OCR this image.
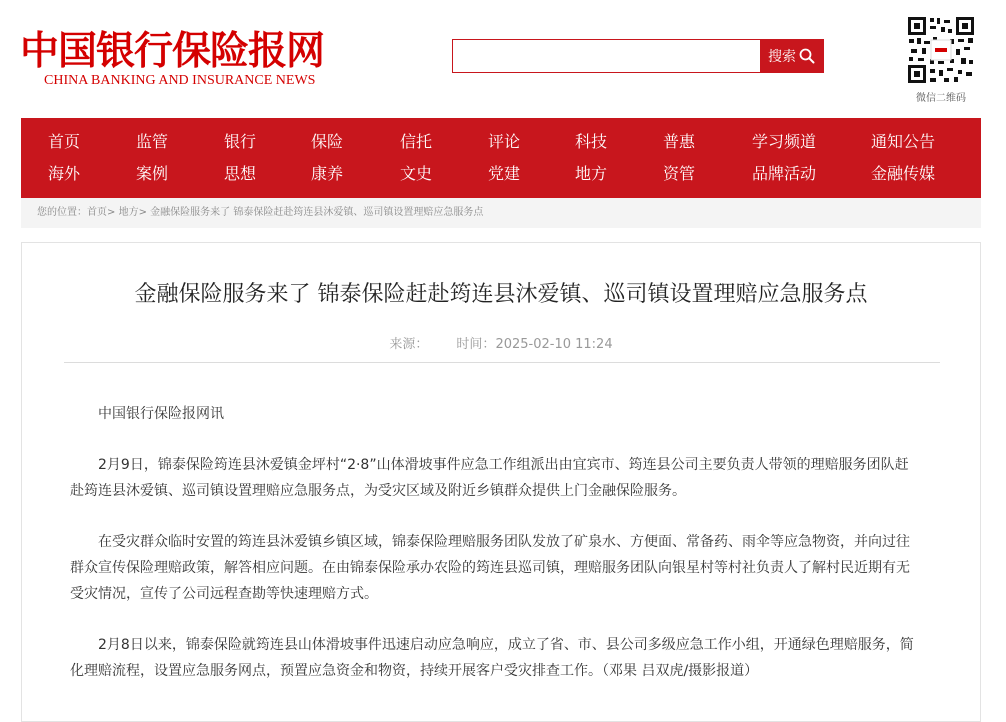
中国银行保险报网
CHINA BANKING AND INSURANCE NEWS
搜索
微信二维码
首页	监管	银行	保险	信托	评论	科技	普惠	学习频道	通知公告
海外	案例	思想	康养	文史	党建	地方	资管	品牌活动	金融传媒
您的位置：首页> 地方> 金融保险服务来了 锦泰保险赶赴筠连县沐爱镇、巡司镇设置理赔应急服务点
金融保险服务来了 锦泰保险赶赴筠连县沐爱镇、巡司镇设置理赔应急服务点
来源： 时间：2025-02-10 11:24

中国银行保险报网讯

2月9日，锦泰保险筠连县沐爱镇金坪村“2·8”山体滑坡事件应急工作组派出由宜宾市、筠连县公司主要负责人带领的理赔服务团队赶赴筠连县沐爱镇、巡司镇设置理赔应急服务点，为受灾区域及附近乡镇群众提供上门金融保险服务。

在受灾群众临时安置的筠连县沐爱镇乡镇区域，锦泰保险理赔服务团队发放了矿泉水、方便面、常备药、雨伞等应急物资，并向过往群众宣传保险理赔政策，解答相应问题。在由锦泰保险承办农险的筠连县巡司镇，理赔服务团队向银星村等村社负责人了解村民近期有无受灾情况，宣传了公司远程查勘等快速理赔方式。

2月8日以来，锦泰保险就筠连县山体滑坡事件迅速启动应急响应，成立了省、市、县公司多级应急工作小组，开通绿色理赔服务，简化理赔流程，设置应急服务网点，预置应急资金和物资，持续开展客户受灾排查工作。（邓果 吕双虎/摄影报道）
